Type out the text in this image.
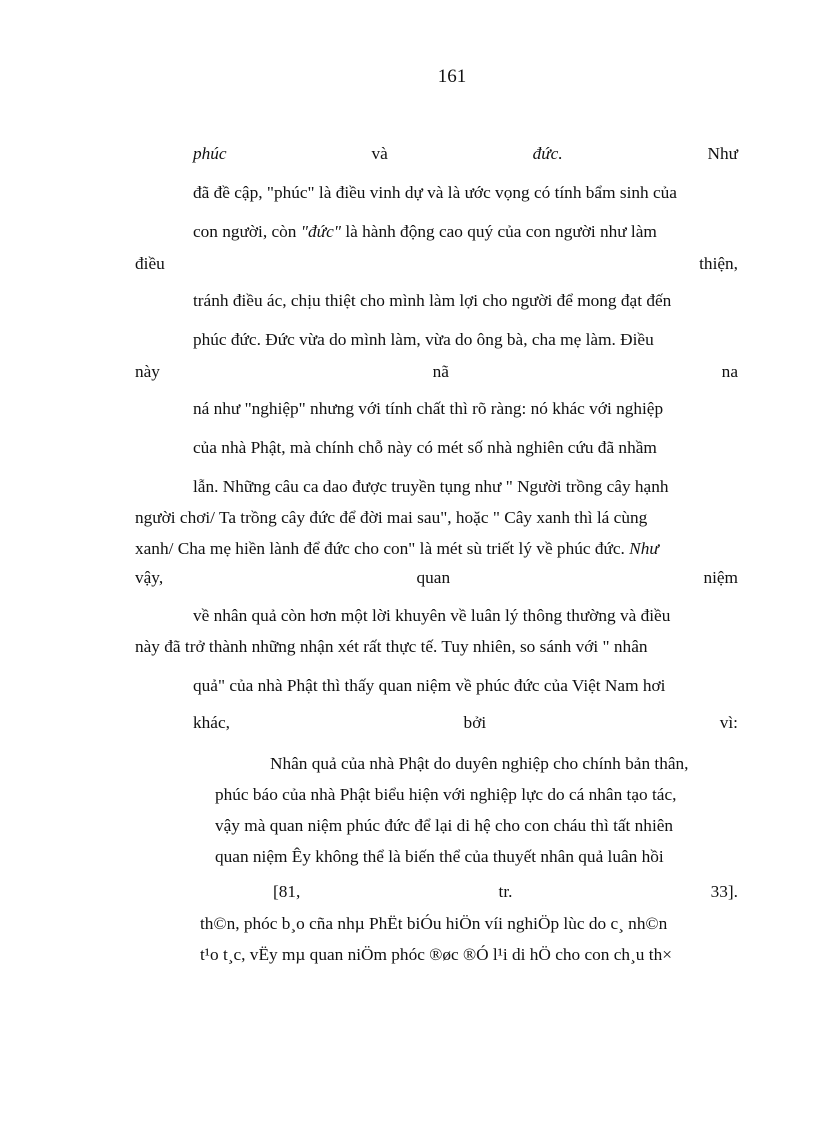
161
phúc	và	đức.	Như
đã đề cập, "phúc" là điều vinh dự và là ước vọng có tính bẩm sinh của
con người, còn "đức" là hành động cao quý của con người như làm
điều	thiện,
tránh điều ác, chịu thiệt cho mình làm lợi cho người để mong đạt đến
phúc đức. Đức vừa do mình làm, vừa do ông bà, cha mẹ làm. Điều
này	nã	na
ná như "nghiệp" nhưng với tính chất thì rõ ràng: nó khác với nghiệp
của nhà Phật, mà chính chỗ này có mét số nhà nghiên cứu đã nhầm
lẫn. Những câu ca dao được truyền tụng như " Người trồng cây hạnh
người chơi/ Ta trồng cây đức để đời mai sau", hoặc " Cây xanh thì lá cùng
xanh/ Cha mẹ hiền lành để đức cho con" là mét sù triết lý về phúc đức. Như
vậy,	quan	niệm
về nhân quả còn hơn một lời khuyên về luân lý thông thường và điều
này đã trở thành những nhận xét rất thực tế. Tuy nhiên, so sánh với " nhân
quả" của nhà Phật thì thấy quan niệm về phúc đức của Việt Nam hơi
khác,	bởi	vì:
Nhân quả của nhà Phật do duyên nghiệp cho chính bản thân,
phúc báo của nhà Phật biểu hiện với nghiệp lực do cá nhân tạo tác,
vậy mà quan niệm phúc đức để lại di hệ cho con cháu thì tất nhiên
quan niệm Êy không thể là biến thể của thuyết nhân quả luân hồi
[81,	tr.	33].
th©n, phóc b¸o cña nhµ PhËt biÓu hiÖn víi nghiÖp lùc do c¸ nh©n
t¹o t¸c, vËy mµ quan niÖm phóc ®øc ®Ó l¹i di hÖ cho con ch¸u th×
